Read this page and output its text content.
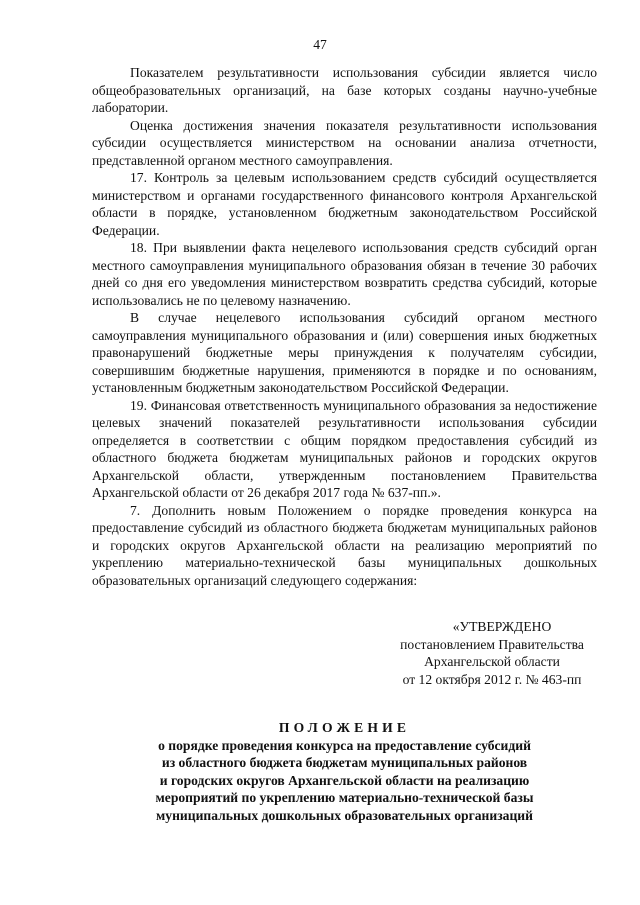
47

Показателем результативности использования субсидии является число общеобразовательных организаций, на базе которых созданы научно-учебные лаборатории.

Оценка достижения значения показателя результативности использования субсидии осуществляется министерством на основании анализа отчетности, представленной органом местного самоуправления.

17. Контроль за целевым использованием средств субсидий осуществляется министерством и органами государственного финансового контроля Архангельской области в порядке, установленном бюджетным законодательством Российской Федерации.

18. При выявлении факта нецелевого использования средств субсидий орган местного самоуправления муниципального образования обязан в течение 30 рабочих дней со дня его уведомления министерством возвратить средства субсидий, которые использовались не по целевому назначению.

В случае нецелевого использования субсидий органом местного самоуправления муниципального образования и (или) совершения иных бюджетных правонарушений бюджетные меры принуждения к получателям субсидии, совершившим бюджетные нарушения, применяются в порядке и по основаниям, установленным бюджетным законодательством Российской Федерации.

19. Финансовая ответственность муниципального образования за недостижение целевых значений показателей результативности использования субсидии определяется в соответствии с общим порядком предоставления субсидий из областного бюджета бюджетам муниципальных районов и городских округов Архангельской области, утвержденным постановлением Правительства Архангельской области от 26 декабря 2017 года № 637-пп.».

7. Дополнить новым Положением о порядке проведения конкурса на предоставление субсидий из областного бюджета бюджетам муниципальных районов и городских округов Архангельской области на реализацию мероприятий по укреплению материально-технической базы муниципальных дошкольных образовательных организаций следующего содержания:

«УТВЕРЖДЕНО
постановлением Правительства
Архангельской области
от 12 октября 2012 г. № 463-пп
ПОЛОЖЕНИЕ
о порядке проведения конкурса на предоставление субсидий
из областного бюджета бюджетам муниципальных районов
и городских округов Архангельской области на реализацию
мероприятий по укреплению материально-технической базы
муниципальных дошкольных образовательных организаций
